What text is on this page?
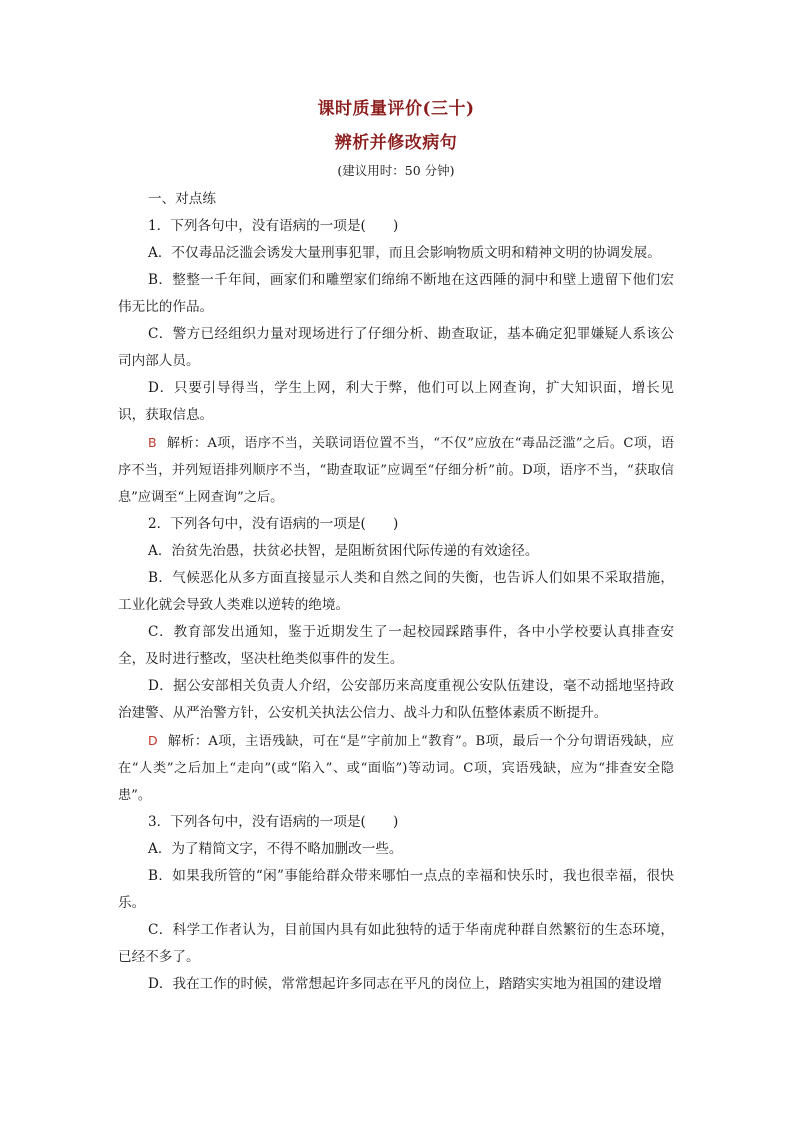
课时质量评价(三十)
辨析并修改病句
(建议用时：50 分钟)

一、对点练

1．下列各句中，没有语病的一项是(　　)

A．不仅毒品泛滥会诱发大量刑事犯罪，而且会影响物质文明和精神文明的协调发展。

B．整整一千年间，画家们和雕塑家们绵绵不断地在这西陲的洞中和壁上遗留下他们宏伟无比的作品。

C．警方已经组织力量对现场进行了仔细分析、勘查取证，基本确定犯罪嫌疑人系该公司内部人员。

D．只要引导得当，学生上网，利大于弊，他们可以上网查询，扩大知识面，增长见识，获取信息。

B 解析：A项，语序不当，关联词语位置不当，“不仅”应放在“毒品泛滥”之后。C项，语序不当，并列短语排列顺序不当，“勘查取证”应调至“仔细分析”前。D项，语序不当，“获取信息”应调至“上网查询”之后。

2．下列各句中，没有语病的一项是(　　)

A．治贫先治愚，扶贫必扶智，是阻断贫困代际传递的有效途径。

B．气候恶化从多方面直接显示人类和自然之间的失衡，也告诉人们如果不采取措施，工业化就会导致人类难以逆转的绝境。

C．教育部发出通知，鉴于近期发生了一起校园踩踏事件，各中小学校要认真排查安全，及时进行整改，坚决杜绝类似事件的发生。

D．据公安部相关负责人介绍，公安部历来高度重视公安队伍建设，毫不动摇地坚持政治建警、从严治警方针，公安机关执法公信力、战斗力和队伍整体素质不断提升。

D 解析：A项，主语残缺，可在“是”字前加上“教育”。B项，最后一个分句谓语残缺，应在“人类”之后加上“走向”(或“陷入”、或“面临”)等动词。C项，宾语残缺，应为“排查安全隐患”。

3．下列各句中，没有语病的一项是(　　)

A．为了精简文字，不得不略加删改一些。

B．如果我所管的“闲”事能给群众带来哪怕一点点的幸福和快乐时，我也很幸福，很快乐。

C．科学工作者认为，目前国内具有如此独特的适于华南虎种群自然繁衍的生态环境，已经不多了。

D．我在工作的时候，常常想起许多同志在平凡的岗位上，踏踏实实地为祖国的建设增
